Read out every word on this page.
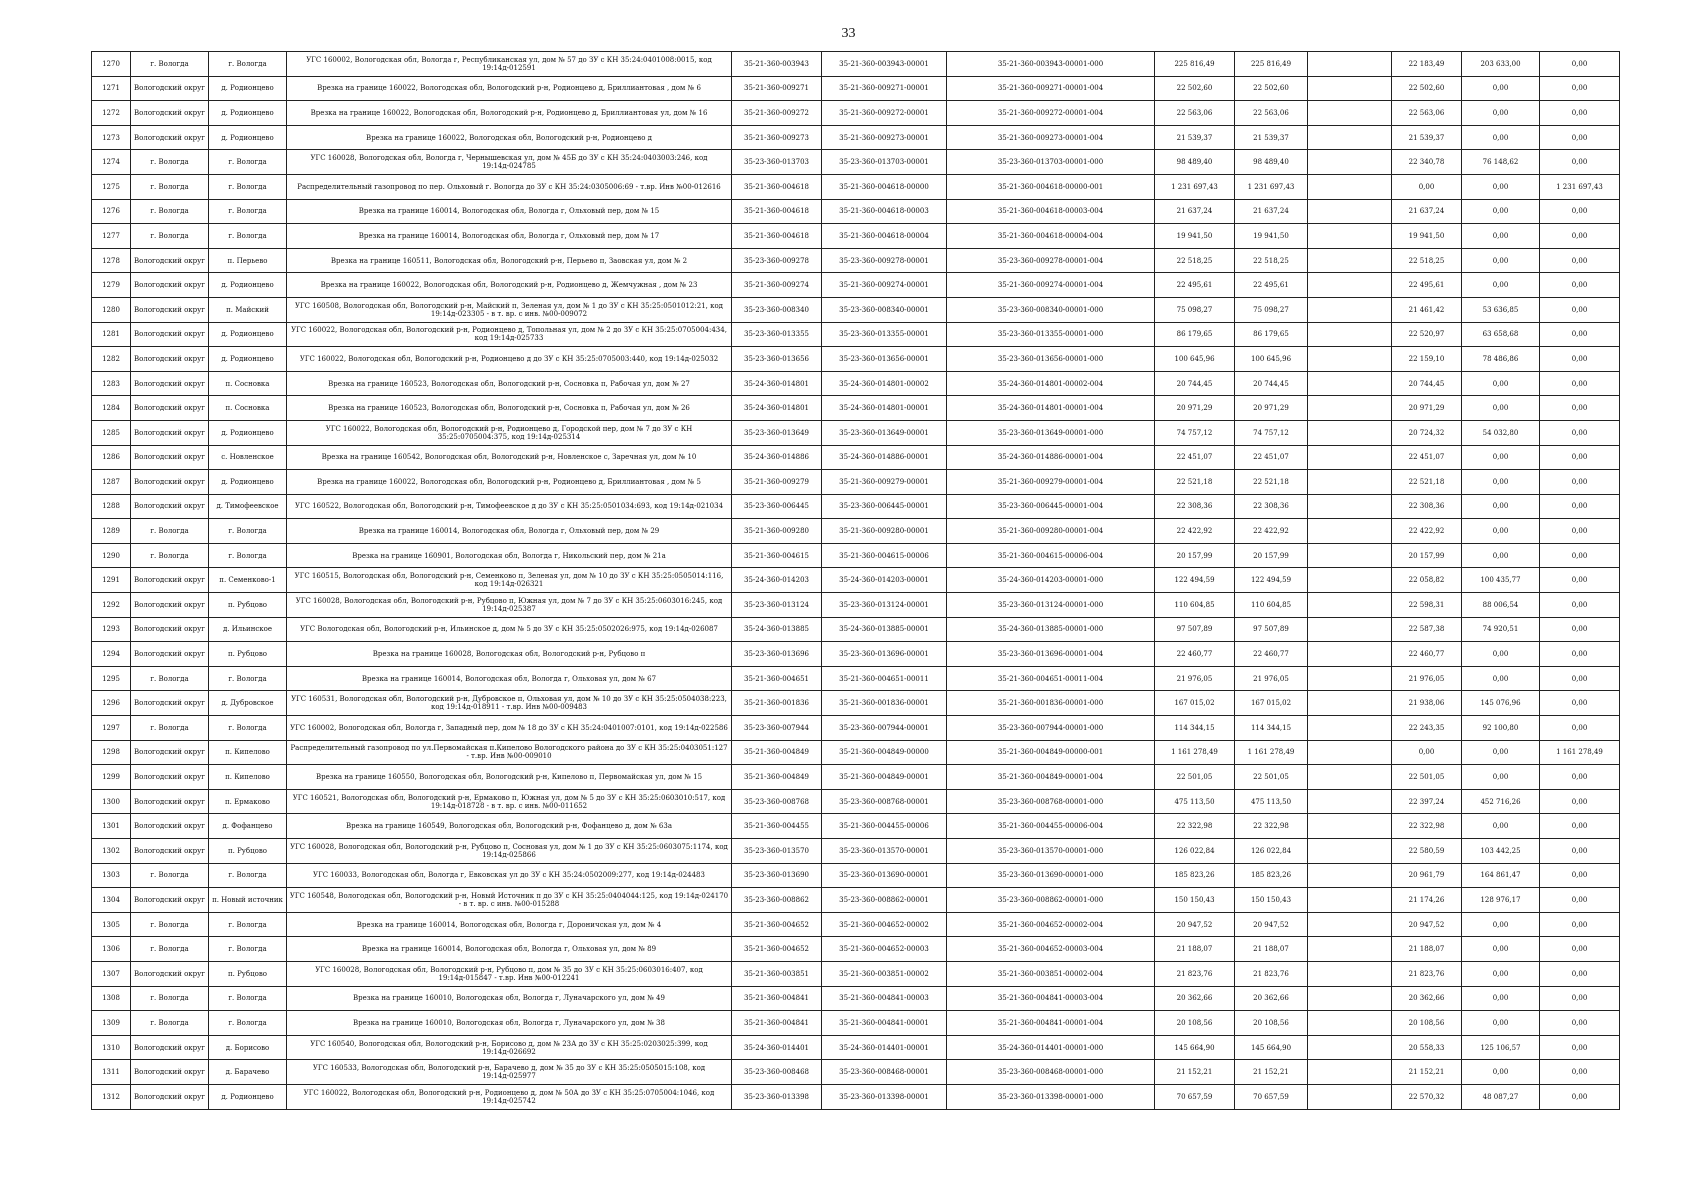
33
1270	г. Вологда	г. Вологда	УГС 160002, Вологодская обл, Вологда г, Республиканская ул, дом № 57 до ЗУ с КН 35:24:0401008:0015, код 19:14д-012591	35-21-360-003943	35-21-360-003943-00001	35-21-360-003943-00001-000	225 816,49	225 816,49		22 183,49	203 633,00	0,00
1271	Вологодский округ	д. Родионцево	Врезка на границе 160022, Вологодская обл, Вологодский р-н, Родионцево д, Бриллиантовая , дом № 6	35-21-360-009271	35-21-360-009271-00001	35-21-360-009271-00001-004	22 502,60	22 502,60		22 502,60	0,00	0,00
1272	Вологодский округ	д. Родионцево	Врезка на границе 160022, Вологодская обл, Вологодский р-н, Родионцево д, Бриллиантовая ул, дом № 16	35-21-360-009272	35-21-360-009272-00001	35-21-360-009272-00001-004	22 563,06	22 563,06		22 563,06	0,00	0,00
1273	Вологодский округ	д. Родионцево	Врезка на границе 160022, Вологодская обл, Вологодский р-н, Родионцево д	35-21-360-009273	35-21-360-009273-00001	35-21-360-009273-00001-004	21 539,37	21 539,37		21 539,37	0,00	0,00
1274	г. Вологда	г. Вологда	УГС 160028, Вологодская обл, Вологда г, Чернышевская ул, дом № 45Б до ЗУ с КН 35:24:0403003:246, код 19:14д-024785	35-23-360-013703	35-23-360-013703-00001	35-23-360-013703-00001-000	98 489,40	98 489,40		22 340,78	76 148,62	0,00
1275	г. Вологда	г. Вологда	Распределительный газопровод по пер. Ольховый г. Вологда до ЗУ с КН 35:24:0305006:69 - т.вр. Инв №00-012616	35-21-360-004618	35-21-360-004618-00000	35-21-360-004618-00000-001	1 231 697,43	1 231 697,43		0,00	0,00	1 231 697,43
1276	г. Вологда	г. Вологда	Врезка на границе 160014, Вологодская обл, Вологда г, Ольховый пер, дом № 15	35-21-360-004618	35-21-360-004618-00003	35-21-360-004618-00003-004	21 637,24	21 637,24		21 637,24	0,00	0,00
1277	г. Вологда	г. Вологда	Врезка на границе 160014, Вологодская обл, Вологда г, Ольховый пер, дом № 17	35-21-360-004618	35-21-360-004618-00004	35-21-360-004618-00004-004	19 941,50	19 941,50		19 941,50	0,00	0,00
1278	Вологодский округ	п. Перьево	Врезка на границе 160511, Вологодская обл, Вологодский р-н, Перьево п, Заовская ул, дом № 2	35-23-360-009278	35-23-360-009278-00001	35-23-360-009278-00001-004	22 518,25	22 518,25		22 518,25	0,00	0,00
1279	Вологодский округ	д. Родионцево	Врезка на границе 160022, Вологодская обл, Вологодский р-н, Родионцево д, Жемчужная , дом № 23	35-21-360-009274	35-21-360-009274-00001	35-21-360-009274-00001-004	22 495,61	22 495,61		22 495,61	0,00	0,00
1280	Вологодский округ	п. Майский	УГС 160508, Вологодская обл, Вологодский р-н, Майский п, Зеленая ул, дом № 1 до ЗУ с КН 35:25:0501012:21, код 19:14д-023305 - в т. вр. с инв. №00-009072	35-23-360-008340	35-23-360-008340-00001	35-23-360-008340-00001-000	75 098,27	75 098,27		21 461,42	53 636,85	0,00
1281	Вологодский округ	д. Родионцево	УГС 160022, Вологодская обл, Вологодский р-н, Родионцево д, Топольная ул, дом № 2 до ЗУ с КН 35:25:0705004:434, код 19:14д-025733	35-23-360-013355	35-23-360-013355-00001	35-23-360-013355-00001-000	86 179,65	86 179,65		22 520,97	63 658,68	0,00
1282	Вологодский округ	д. Родионцево	УГС 160022, Вологодская обл, Вологодский р-н, Родионцево д до ЗУ с КН 35:25:0705003:440, код 19:14д-025032	35-23-360-013656	35-23-360-013656-00001	35-23-360-013656-00001-000	100 645,96	100 645,96		22 159,10	78 486,86	0,00
1283	Вологодский округ	п. Сосновка	Врезка на границе 160523, Вологодская обл, Вологодский р-н, Сосновка п, Рабочая ул, дом № 27	35-24-360-014801	35-24-360-014801-00002	35-24-360-014801-00002-004	20 744,45	20 744,45		20 744,45	0,00	0,00
1284	Вологодский округ	п. Сосновка	Врезка на границе 160523, Вологодская обл, Вологодский р-н, Сосновка п, Рабочая ул, дом № 26	35-24-360-014801	35-24-360-014801-00001	35-24-360-014801-00001-004	20 971,29	20 971,29		20 971,29	0,00	0,00
1285	Вологодский округ	д. Родионцево	УГС 160022, Вологодская обл, Вологодский р-н, Родионцево д, Городской пер, дом № 7 до ЗУ с КН 35:25:0705004:375, код 19:14д-025314	35-23-360-013649	35-23-360-013649-00001	35-23-360-013649-00001-000	74 757,12	74 757,12		20 724,32	54 032,80	0,00
1286	Вологодский округ	с. Новленское	Врезка на границе 160542, Вологодская обл, Вологодский р-н, Новленское с, Заречная ул, дом № 10	35-24-360-014886	35-24-360-014886-00001	35-24-360-014886-00001-004	22 451,07	22 451,07		22 451,07	0,00	0,00
1287	Вологодский округ	д. Родионцево	Врезка на границе 160022, Вологодская обл, Вологодский р-н, Родионцево д, Бриллиантовая , дом № 5	35-21-360-009279	35-21-360-009279-00001	35-21-360-009279-00001-004	22 521,18	22 521,18		22 521,18	0,00	0,00
1288	Вологодский округ	д. Тимофеевское	УГС 160522, Вологодская обл, Вологодский р-н, Тимофеевское д до ЗУ с КН 35:25:0501034:693, код 19:14д-021034	35-23-360-006445	35-23-360-006445-00001	35-23-360-006445-00001-004	22 308,36	22 308,36		22 308,36	0,00	0,00
1289	г. Вологда	г. Вологда	Врезка на границе 160014, Вологодская обл, Вологда г, Ольховый пер, дом № 29	35-21-360-009280	35-21-360-009280-00001	35-21-360-009280-00001-004	22 422,92	22 422,92		22 422,92	0,00	0,00
1290	г. Вологда	г. Вологда	Врезка на границе 160901, Вологодская обл, Вологда г, Никольский пер, дом № 21а	35-21-360-004615	35-21-360-004615-00006	35-21-360-004615-00006-004	20 157,99	20 157,99		20 157,99	0,00	0,00
1291	Вологодский округ	п. Семенково-1	УГС 160515, Вологодская обл, Вологодский р-н, Семенково п, Зеленая ул, дом № 10 до ЗУ с КН 35:25:0505014:116, код 19:14д-026321	35-24-360-014203	35-24-360-014203-00001	35-24-360-014203-00001-000	122 494,59	122 494,59		22 058,82	100 435,77	0,00
1292	Вологодский округ	п. Рубцово	УГС 160028, Вологодская обл, Вологодский р-н, Рубцово п, Южная ул, дом № 7 до ЗУ с КН 35:25:0603016:245, код 19:14д-025387	35-23-360-013124	35-23-360-013124-00001	35-23-360-013124-00001-000	110 604,85	110 604,85		22 598,31	88 006,54	0,00
1293	Вологодский округ	д. Ильинское	УГС Вологодская обл, Вологодский р-н, Ильинское д, дом № 5 до ЗУ с КН 35:25:0502026:975, код 19:14д-026087	35-24-360-013885	35-24-360-013885-00001	35-24-360-013885-00001-000	97 507,89	97 507,89		22 587,38	74 920,51	0,00
1294	Вологодский округ	п. Рубцово	Врезка на границе 160028, Вологодская обл, Вологодский р-н, Рубцово п	35-23-360-013696	35-23-360-013696-00001	35-23-360-013696-00001-004	22 460,77	22 460,77		22 460,77	0,00	0,00
1295	г. Вологда	г. Вологда	Врезка на границе 160014, Вологодская обл, Вологда г, Ольховая ул, дом № 67	35-21-360-004651	35-21-360-004651-00011	35-21-360-004651-00011-004	21 976,05	21 976,05		21 976,05	0,00	0,00
1296	Вологодский округ	д. Дубровское	УГС 160531, Вологодская обл, Вологодский р-н, Дубровское п, Ольховая ул, дом № 10 до ЗУ с КН 35:25:0504038:223, код 19:14д-018911 - т.вр. Инв №00-009483	35-21-360-001836	35-21-360-001836-00001	35-21-360-001836-00001-000	167 015,02	167 015,02		21 938,06	145 076,96	0,00
1297	г. Вологда	г. Вологда	УГС 160002, Вологодская обл, Вологда г, Западный пер, дом № 18 до ЗУ с КН 35:24:0401007:0101, код 19:14д-022586	35-23-360-007944	35-23-360-007944-00001	35-23-360-007944-00001-000	114 344,15	114 344,15		22 243,35	92 100,80	0,00
1298	Вологодский округ	п. Кипелово	Распределительный газопровод по ул.Первомайская п.Кипелово Вологодского района до ЗУ с КН 35:25:0403051:127 - т.вр. Инв №00-009010	35-21-360-004849	35-21-360-004849-00000	35-21-360-004849-00000-001	1 161 278,49	1 161 278,49		0,00	0,00	1 161 278,49
1299	Вологодский округ	п. Кипелово	Врезка на границе 160550, Вологодская обл, Вологодский р-н, Кипелово п, Первомайская ул, дом № 15	35-21-360-004849	35-21-360-004849-00001	35-21-360-004849-00001-004	22 501,05	22 501,05		22 501,05	0,00	0,00
1300	Вологодский округ	п. Ермаково	УГС 160521, Вологодская обл, Вологодский р-н, Ермаково п, Южная ул, дом № 5 до ЗУ с КН 35:25:0603010:517, код 19:14д-018728 - в т. вр. с инв. №00-011652	35-23-360-008768	35-23-360-008768-00001	35-23-360-008768-00001-000	475 113,50	475 113,50		22 397,24	452 716,26	0,00
1301	Вологодский округ	д. Фофанцево	Врезка на границе 160549, Вологодская обл, Вологодский р-н, Фофанцево д, дом № 63а	35-21-360-004455	35-21-360-004455-00006	35-21-360-004455-00006-004	22 322,98	22 322,98		22 322,98	0,00	0,00
1302	Вологодский округ	п. Рубцово	УГС 160028, Вологодская обл, Вологодский р-н, Рубцово п, Сосновая ул, дом № 1 до ЗУ с КН 35:25:0603075:1174, код 19:14д-025866	35-23-360-013570	35-23-360-013570-00001	35-23-360-013570-00001-000	126 022,84	126 022,84		22 580,59	103 442,25	0,00
1303	г. Вологда	г. Вологда	УГС 160033, Вологодская обл, Вологда г, Евковская ул до ЗУ с КН 35:24:0502009:277, код 19:14д-024483	35-23-360-013690	35-23-360-013690-00001	35-23-360-013690-00001-000	185 823,26	185 823,26		20 961,79	164 861,47	0,00
1304	Вологодский округ	п. Новый источник	УГС 160548, Вологодская обл, Вологодский р-н, Новый Источник п до ЗУ с КН 35:25:0404044:125, код 19:14д-024170 - в т. вр. с инв. №00-015288	35-23-360-008862	35-23-360-008862-00001	35-23-360-008862-00001-000	150 150,43	150 150,43		21 174,26	128 976,17	0,00
1305	г. Вологда	г. Вологда	Врезка на границе 160014, Вологодская обл, Вологда г, Дороничская ул, дом № 4	35-21-360-004652	35-21-360-004652-00002	35-21-360-004652-00002-004	20 947,52	20 947,52		20 947,52	0,00	0,00
1306	г. Вологда	г. Вологда	Врезка на границе 160014, Вологодская обл, Вологда г, Ольховая ул, дом № 89	35-21-360-004652	35-21-360-004652-00003	35-21-360-004652-00003-004	21 188,07	21 188,07		21 188,07	0,00	0,00
1307	Вологодский округ	п. Рубцово	УГС 160028, Вологодская обл, Вологодский р-н, Рубцово п, дом № 35 до ЗУ с КН 35:25:0603016:407, код 19:14д-015847 - т.вр. Инв №00-012241	35-21-360-003851	35-21-360-003851-00002	35-21-360-003851-00002-004	21 823,76	21 823,76		21 823,76	0,00	0,00
1308	г. Вологда	г. Вологда	Врезка на границе 160010, Вологодская обл, Вологда г, Луначарского ул, дом № 49	35-21-360-004841	35-21-360-004841-00003	35-21-360-004841-00003-004	20 362,66	20 362,66		20 362,66	0,00	0,00
1309	г. Вологда	г. Вологда	Врезка на границе 160010, Вологодская обл, Вологда г, Луначарского ул, дом № 38	35-21-360-004841	35-21-360-004841-00001	35-21-360-004841-00001-004	20 108,56	20 108,56		20 108,56	0,00	0,00
1310	Вологодский округ	д. Борисово	УГС 160540, Вологодская обл, Вологодский р-н, Борисово д, дом № 23А до ЗУ с КН 35:25:0203025:399, код 19:14д-026692	35-24-360-014401	35-24-360-014401-00001	35-24-360-014401-00001-000	145 664,90	145 664,90		20 558,33	125 106,57	0,00
1311	Вологодский округ	д. Барачево	УГС 160533, Вологодская обл, Вологодский р-н, Барачево д, дом № 35 до ЗУ с КН 35:25:0505015:108, код 19:14д-025977	35-23-360-008468	35-23-360-008468-00001	35-23-360-008468-00001-000	21 152,21	21 152,21		21 152,21	0,00	0,00
1312	Вологодский округ	д. Родионцево	УГС 160022, Вологодская обл, Вологодский р-н, Родионцево д, дом № 50А до ЗУ с КН 35:25:0705004:1046, код 19:14д-025742	35-23-360-013398	35-23-360-013398-00001	35-23-360-013398-00001-000	70 657,59	70 657,59		22 570,32	48 087,27	0,00
